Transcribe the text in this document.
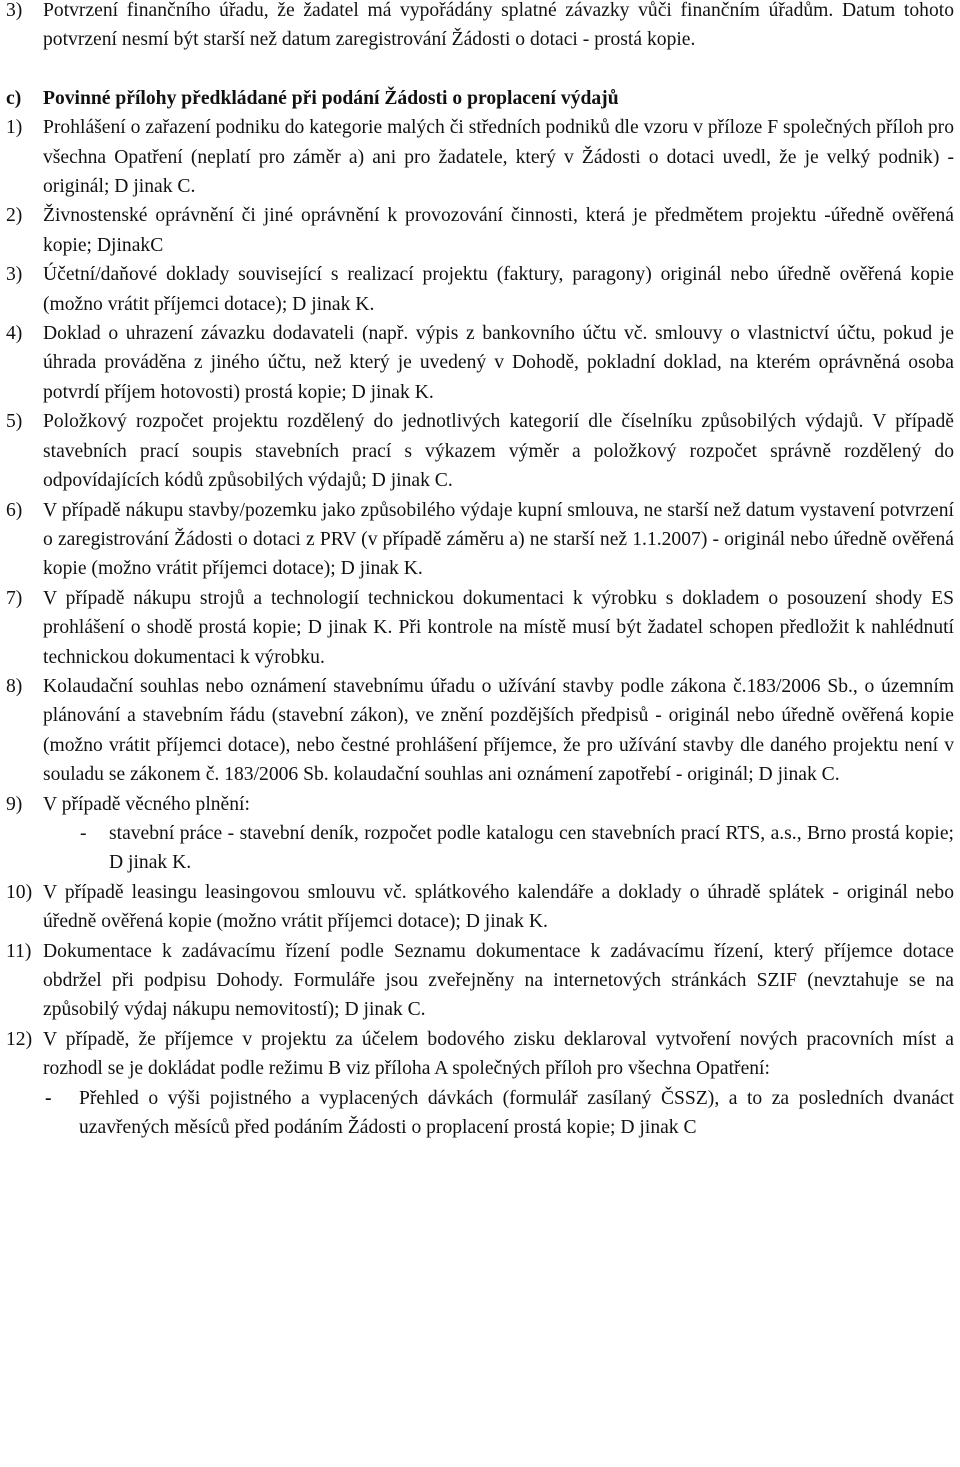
3)	Potvrzení finančního úřadu, že žadatel má vypořádány splatné závazky vůči finančním úřadům. Datum tohoto potvrzení nesmí být starší než datum zaregistrování Žádosti o dotaci - prostá kopie.
c)	Povinné přílohy předkládané při podání Žádosti o proplacení výdajů
1)	Prohlášení o zařazení podniku do kategorie malých či středních podniků dle vzoru v příloze F společných příloh pro všechna Opatření (neplatí pro záměr a) ani pro žadatele, který v Žádosti o dotaci uvedl, že je velký podnik) - originál; D jinak C.
2)	Živnostenské oprávnění či jiné oprávnění k provozování činnosti, která je předmětem projektu -úředně ověřená kopie; DjinakC
3)	Účetní/daňové doklady související s realizací projektu (faktury, paragony) originál nebo úředně ověřená kopie (možno vrátit příjemci dotace); D jinak K.
4)	Doklad o uhrazení závazku dodavateli (např. výpis z bankovního účtu vč. smlouvy o vlastnictví účtu, pokud je úhrada prováděna z jiného účtu, než který je uvedený v Dohodě, pokladní doklad, na kterém oprávněná osoba potvrdí příjem hotovosti) prostá kopie; D jinak K.
5)	Položkový rozpočet projektu rozdělený do jednotlivých kategorií dle číselníku způsobilých výdajů. V případě stavebních prací soupis stavebních prací s výkazem výměr a položkový rozpočet správně rozdělený do odpovídajících kódů způsobilých výdajů; D jinak C.
6)	V případě nákupu stavby/pozemku jako způsobilého výdaje kupní smlouva, ne starší než datum vystavení potvrzení o zaregistrování Žádosti o dotaci z PRV (v případě záměru a) ne starší než 1.1.2007) - originál nebo úředně ověřená kopie (možno vrátit příjemci dotace); D jinak K.
7)	V případě nákupu strojů a technologií technickou dokumentaci k výrobku s dokladem o posouzení shody ES prohlášení o shodě prostá kopie; D jinak K. Při kontrole na místě musí být žadatel schopen předložit k nahlédnutí technickou dokumentaci k výrobku.
8)	Kolaudační souhlas nebo oznámení stavebnímu úřadu o užívání stavby podle zákona č.183/2006 Sb., o územním plánování a stavebním řádu (stavební zákon), ve znění pozdějších předpisů - originál nebo úředně ověřená kopie (možno vrátit příjemci dotace), nebo čestné prohlášení příjemce, že pro užívání stavby dle daného projektu není v souladu se zákonem č. 183/2006 Sb. kolaudační souhlas ani oznámení zapotřebí - originál; D jinak C.
9)	V případě věcného plnění:
-	stavební práce - stavební deník, rozpočet podle katalogu cen stavebních prací RTS, a.s., Brno prostá kopie; D jinak K.
10) V případě leasingu leasingovou smlouvu vč. splátkového kalendáře a doklady o úhradě splátek - originál nebo úředně ověřená kopie (možno vrátit příjemci dotace); D jinak K.
11) Dokumentace k zadávacímu řízení podle Seznamu dokumentace k zadávacímu řízení, který příjemce dotace obdržel při podpisu Dohody. Formuláře jsou zveřejněny na internetových stránkách SZIF (nevztahuje se na způsobilý výdaj nákupu nemovitostí); D jinak C.
12) V případě, že příjemce v projektu za účelem bodového zisku deklaroval vytvoření nových pracovních míst a rozhodl se je dokládat podle režimu B viz příloha A společných příloh pro všechna Opatření:
-	Přehled o výši pojistného a vyplacených dávkách (formulář zasílaný ČSSZ), a to za posledních dvanáct uzavřených měsíců před podáním Žádosti o proplacení prostá kopie; D jinak C
